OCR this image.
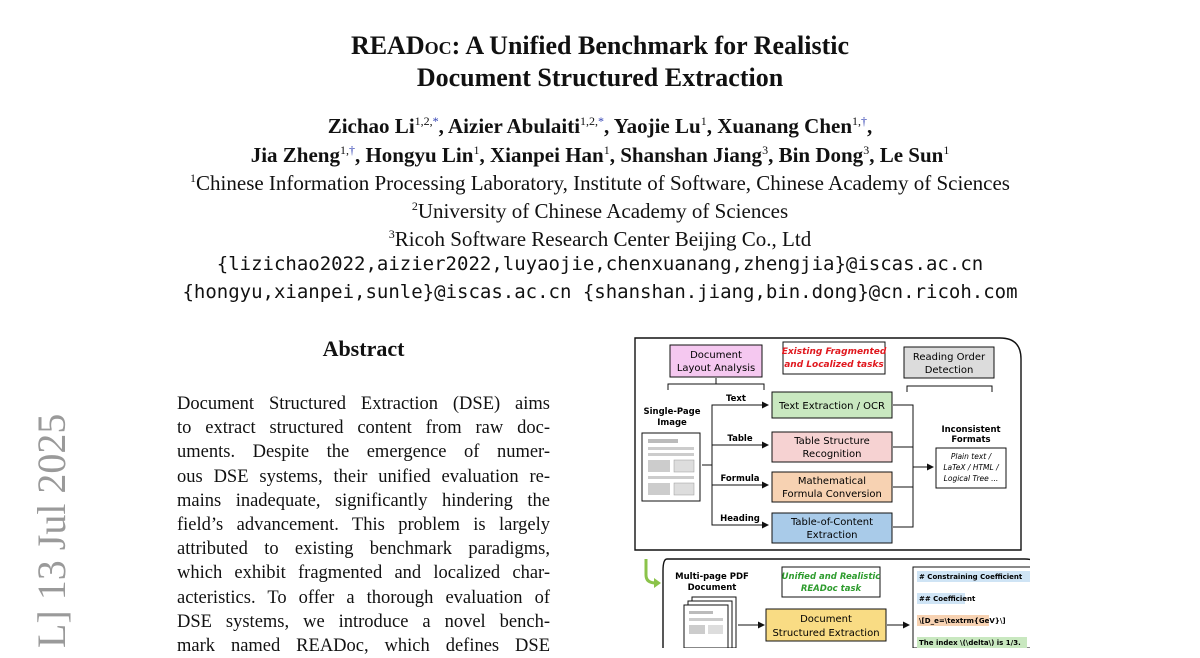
L] 13 Jul 2025
READoc: A Unified Benchmark for Realistic
Document Structured Extraction
Zichao $Li^{1,2,*}$, Aizier Abulaiti$^{1,2,*}$, Yaojie Lu$^1$, Xuanang Chen$^{1,\dagger}$,
Jia Zheng$^{1,\dagger}$, Hongyu Lin$^1$, Xianpei Han$^1$, Shanshan Jiang$^3$, Bin Dong$^3$, Le Sun$^1$
$^1$Chinese Information Processing Laboratory, Institute of Software, Chinese Academy of Sciences
$^2$University of Chinese Academy of Sciences
$^3$Ricoh Software Research Center Beijing Co., Ltd
{lizichao2022,aizier2022,luyaojie,chenxuanang,zhengjia}@iscas.ac.cn
{hongyu,xianpei,sunle}@iscas.ac.cn {shanshan.jiang,bin.dong}@cn.ricoh.com
Abstract
Document Structured Extraction (DSE) aims
to extract structured content from raw doc-
uments. Despite the emergence of numer-
ous DSE systems, their unified evaluation re-
mains inadequate, significantly hindering the
field’s advancement. This problem is largely
attributed to existing benchmark paradigms,
which exhibit fragmented and localized char-
acteristics. To offer a thorough evaluation of
DSE systems, we introduce a novel bench-
mark named READoc, which defines DSE
Document
Layout Analysis
Existing Fragmented
and Localized tasks
Reading Order
Detection
Single-Page
Image
Text
Table
Formula
Heading
Text Extraction / OCR
Table Structure
Recognition
Mathematical
Formula Conversion
Table-of-Content
Extraction
Inconsistent
Formats
Plain text /
LaTeX / HTML /
Logical Tree ...
Multi-page PDF
Document
Unified and Realistic
READoc task
Document
Structured Extraction
# Constraining Coefficient
## Coefficient
\[D_e=\textrm{GeV}\]
The index \(\delta\) is 1/3.
